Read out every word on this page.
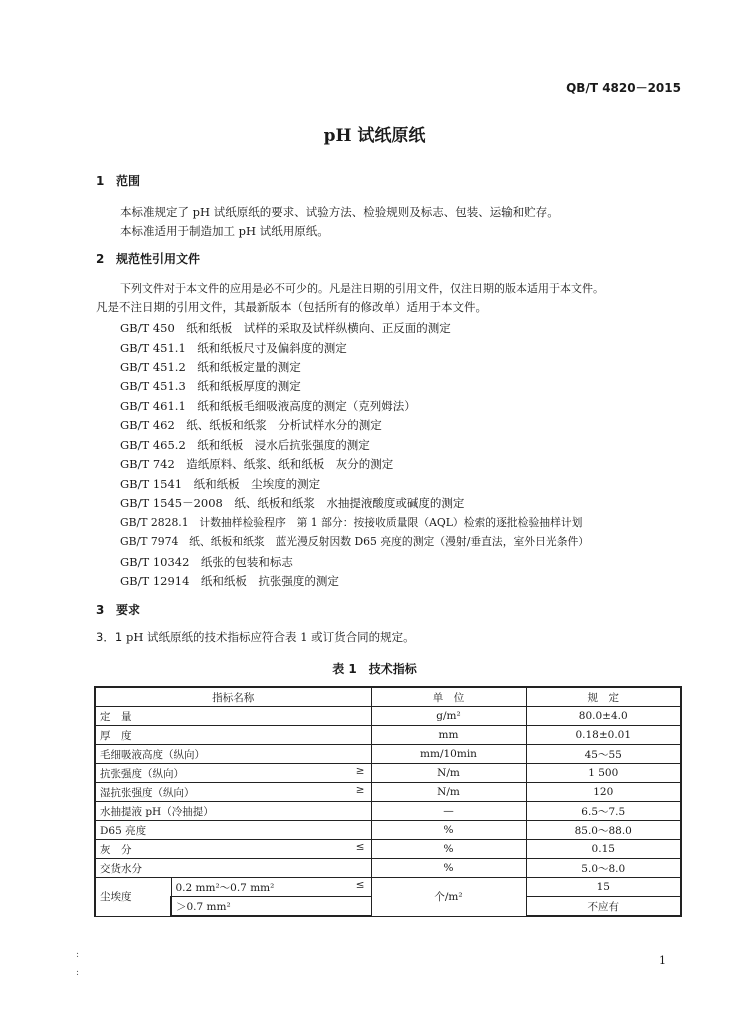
QB/T 4820－2015
pH 试纸原纸
1 范围
本标准规定了 pH 试纸原纸的要求、试验方法、检验规则及标志、包装、运输和贮存。
本标准适用于制造加工 pH 试纸用原纸。
2 规范性引用文件
下列文件对于本文件的应用是必不可少的。凡是注日期的引用文件，仅注日期的版本适用于本文件。
凡是不注日期的引用文件，其最新版本（包括所有的修改单）适用于本文件。
GB/T 450　纸和纸板　试样的采取及试样纵横向、正反面的测定
GB/T 451.1　纸和纸板尺寸及偏斜度的测定
GB/T 451.2　纸和纸板定量的测定
GB/T 451.3　纸和纸板厚度的测定
GB/T 461.1　纸和纸板毛细吸液高度的测定（克列姆法）
GB/T 462　纸、纸板和纸浆　分析试样水分的测定
GB/T 465.2　纸和纸板　浸水后抗张强度的测定
GB/T 742　造纸原料、纸浆、纸和纸板　灰分的测定
GB/T 1541　纸和纸板　尘埃度的测定
GB/T 1545－2008　纸、纸板和纸浆　水抽提液酸度或碱度的测定
GB/T 2828.1　计数抽样检验程序　第 1 部分：按接收质量限（AQL）检索的逐批检验抽样计划
GB/T 7974　纸、纸板和纸浆　蓝光漫反射因数 D65 亮度的测定（漫射/垂直法，室外日光条件）
GB/T 10342　纸张的包装和标志
GB/T 12914　纸和纸板　抗张强度的测定
3 要求
3．1 pH 试纸原纸的技术指标应符合表 1 或订货合同的规定。
表 1　技术指标
指标名称		单　位	规　定
定　量		g/m²	80.0±4.0
厚　度		mm	0.18±0.01
毛细吸液高度（纵向）		mm/10min	45～55
抗张强度（纵向） ≥		N/m	1 500
湿抗张强度（纵向） ≥		N/m	120
水抽提液 pH（冷抽提）		—	6.5～7.5
D65 亮度		%	85.0～88.0
灰　分 ≤		%	0.15
交货水分		%	5.0～8.0
尘埃度	0.2 mm²～0.7 mm² ≤	个/m²	15
	＞0.7 mm²		不应有
1
:
:
